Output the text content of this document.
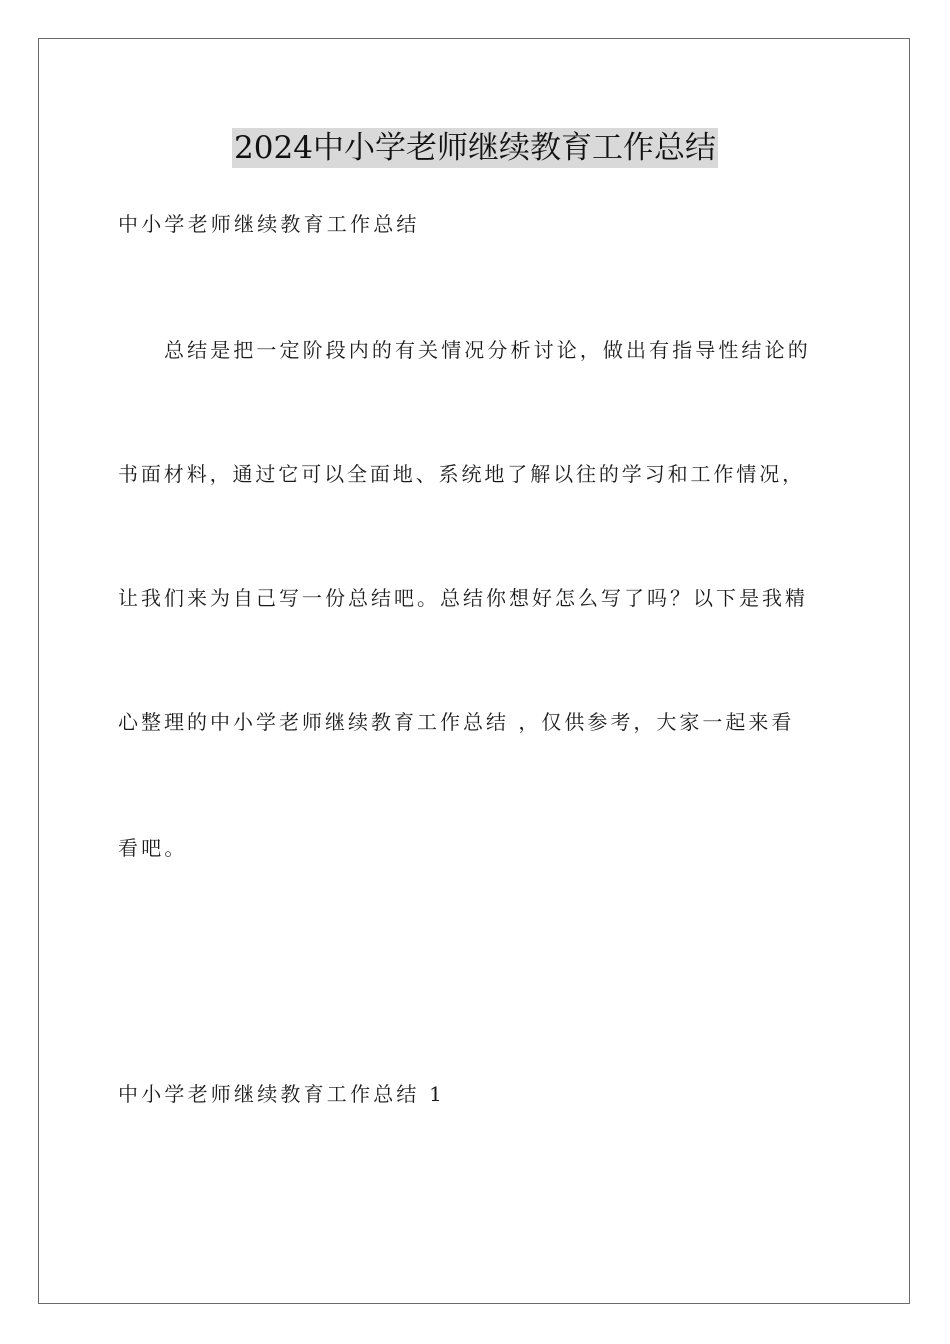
2024中小学老师继续教育工作总结
中小学老师继续教育工作总结
总结是把一定阶段内的有关情况分析讨论，做出有指导性结论的
书面材料，通过它可以全面地、系统地了解以往的学习和工作情况，
让我们来为自己写一份总结吧。总结你想好怎么写了吗？以下是我精
心整理的中小学老师继续教育工作总结 ，仅供参考，大家一起来看
看吧。
中小学老师继续教育工作总结 1
